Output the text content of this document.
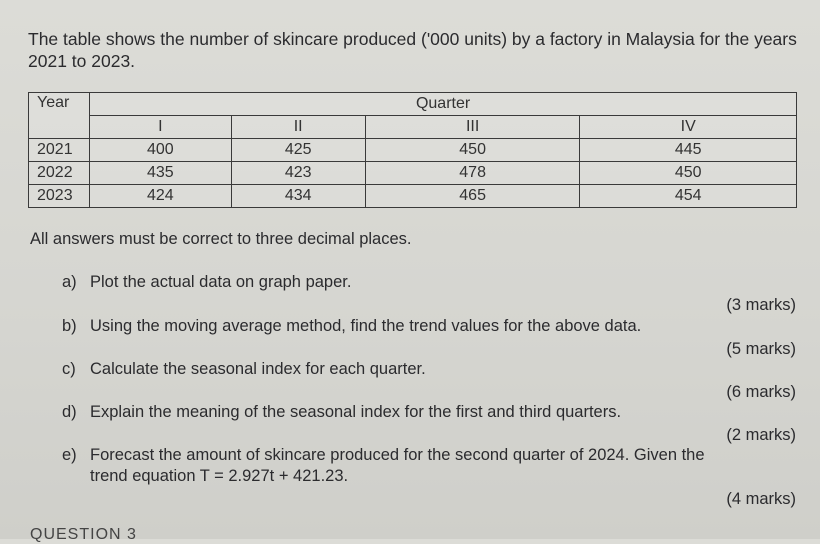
The table shows the number of skincare produced ('000 units) by a factory in Malaysia for the years 2021 to 2023.
Year	Quarter			
	I	II	III	IV
2021	400	425	450	445
2022	435	423	478	450
2023	424	434	465	454
All answers must be correct to three decimal places.
a) Plot the actual data on graph paper.
(3 marks)
b) Using the moving average method, find the trend values for the above data.
(5 marks)
c) Calculate the seasonal index for each quarter.
(6 marks)
d) Explain the meaning of the seasonal index for the first and third quarters.
(2 marks)
e) Forecast the amount of skincare produced for the second quarter of 2024. Given the
trend equation T = 2.927t + 421.23.
(4 marks)
QUESTION 3
